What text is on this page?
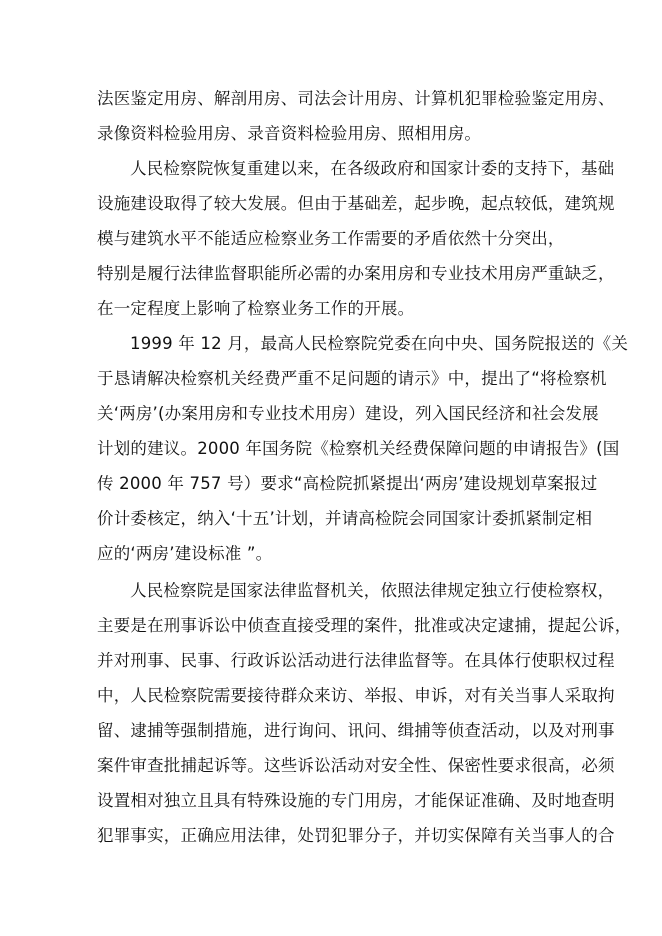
法医鉴定用房、解剖用房、司法会计用房、计算机犯罪检验鉴定用房、
录像资料检验用房、录音资料检验用房、照相用房。
人民检察院恢复重建以来，在各级政府和国家计委的支持下，基础
设施建设取得了较大发展。但由于基础差，起步晚，起点较低，建筑规
模与建筑水平不能适应检察业务工作需要的矛盾依然十分突出，
特别是履行法律监督职能所必需的办案用房和专业技术用房严重缺乏，
在一定程度上影响了检察业务工作的开展。
1999 年 12 月，最高人民检察院党委在向中央、国务院报送的《关
于恳请解决检察机关经费严重不足问题的请示》中，提出了“将检察机
关‘两房’(办案用房和专业技术用房）建设，列入国民经济和社会发展
计划的建议。2000 年国务院《检察机关经费保障问题的申请报告》(国
传 2000 年 757 号）要求“高检院抓紧提出‘两房’建设规划草案报过
价计委核定，纳入‘十五’计划，并请高检院会同国家计委抓紧制定相
应的‘两房’建设标准 ”。
人民检察院是国家法律监督机关，依照法律规定独立行使检察权，
主要是在刑事诉讼中侦查直接受理的案件，批准或决定逮捕，提起公诉，
并对刑事、民事、行政诉讼活动进行法律监督等。在具体行使职权过程
中，人民检察院需要接待群众来访、举报、申诉，对有关当事人采取拘
留、逮捕等强制措施，进行询问、讯问、缉捕等侦查活动，以及对刑事
案件审查批捕起诉等。这些诉讼活动对安全性、保密性要求很高，必须
设置相对独立且具有特殊设施的专门用房，才能保证准确、及时地查明
犯罪事实，正确应用法律，处罚犯罪分子，并切实保障有关当事人的合
